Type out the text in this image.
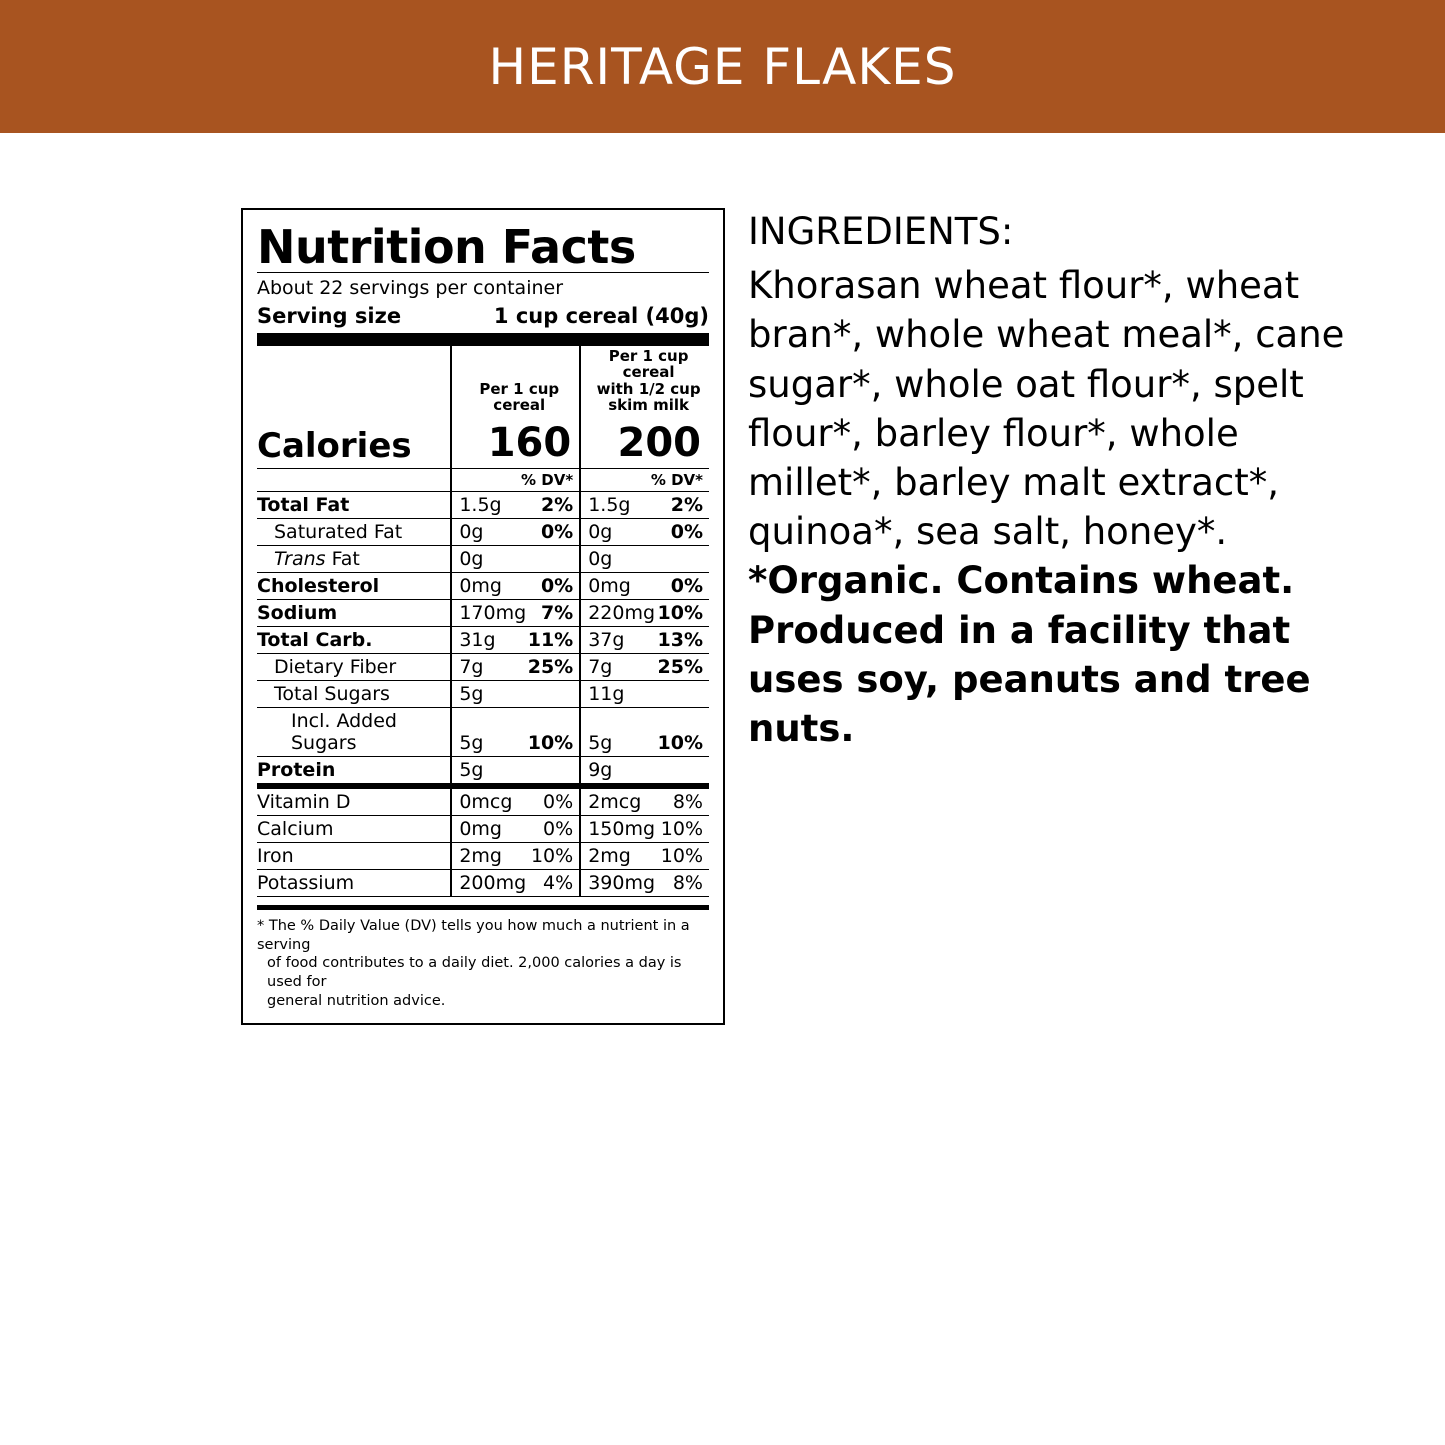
HERITAGE FLAKES
Nutrition Facts
About 22 servings per container
Serving size	1 cup cereal (40g)
	Per 1 cup cereal		Per 1 cup cereal
with 1/2 cup skim milk	

Calories	160		200	
	% DV*		% DV*	
Total Fat	1.5g	2%	1.5g	2%
Saturated Fat	0g	0%	0g	0%
Trans Fat	0g		0g	
Cholesterol	0mg	0%	0mg	0%
Sodium	170mg	7%	220mg	10%
Total Carb.	31g	11%	37g	13%
Dietary Fiber	7g	25%	7g	25%
Total Sugars	5g		11g	
Incl. Added Sugars	5g	10%	5g	10%
Protein	5g		9g	
Vitamin D	0mcg	0%	2mcg	8%
Calcium	0mg	0%	150mg	10%
Iron	2mg	10%	2mg	10%
Potassium	200mg	4%	390mg	8%
* The % Daily Value (DV) tells you how much a nutrient in a serving
of food contributes to a daily diet. 2,000 calories a day is used for
general nutrition advice.
INGREDIENTS:
Khorasan wheat flour*, wheat bran*, whole wheat meal*, cane sugar*, whole oat flour*, spelt flour*, barley flour*, whole millet*, barley malt extract*, quinoa*, sea salt, honey*. *Organic. Contains wheat. Produced in a facility that uses soy, peanuts and tree nuts.
